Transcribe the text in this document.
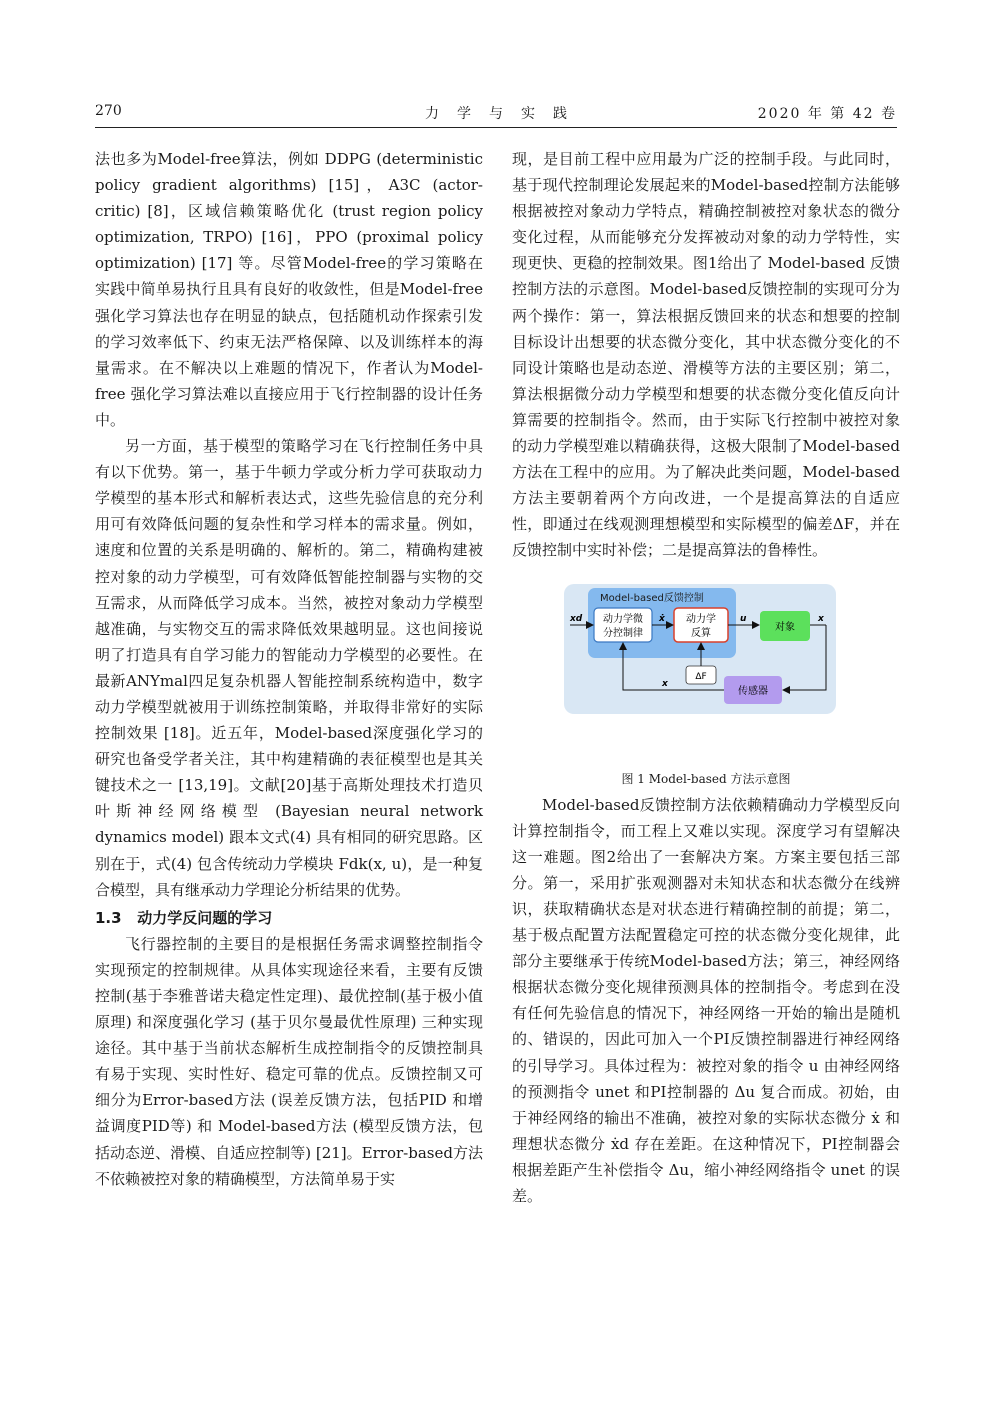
270	力学与实践	2020 年 第 42 卷

法也多为Model-free算法，例如 DDPG (deterministic policy gradient algorithms) [15]，A3C (actor-critic) [8]，区域信赖策略优化 (trust region policy optimization, TRPO) [16]，PPO (proximal policy optimization) [17] 等。尽管Model-free的学习策略在实践中简单易执行且具有良好的收敛性，但是Model-free强化学习算法也存在明显的缺点，包括随机动作探索引发的学习效率低下、约束无法严格保障、以及训练样本的海量需求。在不解决以上难题的情况下，作者认为Model-free 强化学习算法难以直接应用于飞行控制器的设计任务中。

另一方面，基于模型的策略学习在飞行控制任务中具有以下优势。第一，基于牛顿力学或分析力学可获取动力学模型的基本形式和解析表达式，这些先验信息的充分利用可有效降低问题的复杂性和学习样本的需求量。例如，速度和位置的关系是明确的、解析的。第二，精确构建被控对象的动力学模型，可有效降低智能控制器与实物的交互需求，从而降低学习成本。当然，被控对象动力学模型越准确，与实物交互的需求降低效果越明显。这也间接说明了打造具有自学习能力的智能动力学模型的必要性。在最新ANYmal四足复杂机器人智能控制系统构造中，数字动力学模型就被用于训练控制策略，并取得非常好的实际控制效果 [18]。近五年，Model-based深度强化学习的研究也备受学者关注，其中构建精确的表征模型也是其关键技术之一 [13,19]。文献[20]基于高斯处理技术打造贝叶斯神经网络模型 (Bayesian neural network dynamics model) 跟本文式(4) 具有相同的研究思路。区别在于，式(4) 包含传统动力学模块 Fdk(x, u)，是一种复合模型，具有继承动力学理论分析结果的优势。

1.3 动力学反问题的学习

飞行器控制的主要目的是根据任务需求调整控制指令实现预定的控制规律。从具体实现途径来看，主要有反馈控制(基于李雅普诺夫稳定性定理)、最优控制(基于极小值原理) 和深度强化学习 (基于贝尔曼最优性原理) 三种实现途径。其中基于当前状态解析生成控制指令的反馈控制具有易于实现、实时性好、稳定可靠的优点。反馈控制又可细分为Error-based方法 (误差反馈方法，包括PID 和增益调度PID等) 和 Model-based方法 (模型反馈方法，包括动态逆、滑模、自适应控制等) [21]。Error-based方法不依赖被控对象的精确模型，方法简单易于实

现，是目前工程中应用最为广泛的控制手段。与此同时，基于现代控制理论发展起来的Model-based控制方法能够根据被控对象动力学特点，精确控制被控对象状态的微分变化过程，从而能够充分发挥被动对象的动力学特性，实现更快、更稳的控制效果。图1给出了 Model-based 反馈控制方法的示意图。Model-based反馈控制的实现可分为两个操作：第一，算法根据反馈回来的状态和想要的控制目标设计出想要的状态微分变化，其中状态微分变化的不同设计策略也是动态逆、滑模等方法的主要区别；第二，算法根据微分动力学模型和想要的状态微分变化值反向计算需要的控制指令。然而，由于实际飞行控制中被控对象的动力学模型难以精确获得，这极大限制了Model-based方法在工程中的应用。为了解决此类问题，Model-based方法主要朝着两个方向改进，一个是提高算法的自适应性，即通过在线观测理想模型和实际模型的偏差ΔF，并在反馈控制中实时补偿；二是提高算法的鲁棒性。

Model-based反馈控制
动力学微
分控制律
动力学
反算
对象
传感器
ΔF
xd	ẋ	u	x
x

图 1 Model-based 方法示意图

Model-based反馈控制方法依赖精确动力学模型反向计算控制指令，而工程上又难以实现。深度学习有望解决这一难题。图2给出了一套解决方案。方案主要包括三部分。第一，采用扩张观测器对未知状态和状态微分在线辨识，获取精确状态是对状态进行精确控制的前提；第二，基于极点配置方法配置稳定可控的状态微分变化规律，此部分主要继承于传统Model-based方法；第三，神经网络根据状态微分变化规律预测具体的控制指令。考虑到在没有任何先验信息的情况下，神经网络一开始的输出是随机的、错误的，因此可加入一个PI反馈控制器进行神经网络的引导学习。具体过程为：被控对象的指令 u 由神经网络的预测指令 unet 和PI控制器的 Δu 复合而成。初始，由于神经网络的输出不准确，被控对象的实际状态微分 ẋ 和理想状态微分 ẋd 存在差距。在这种情况下，PI控制器会根据差距产生补偿指令 Δu，缩小神经网络指令 unet 的误差。
